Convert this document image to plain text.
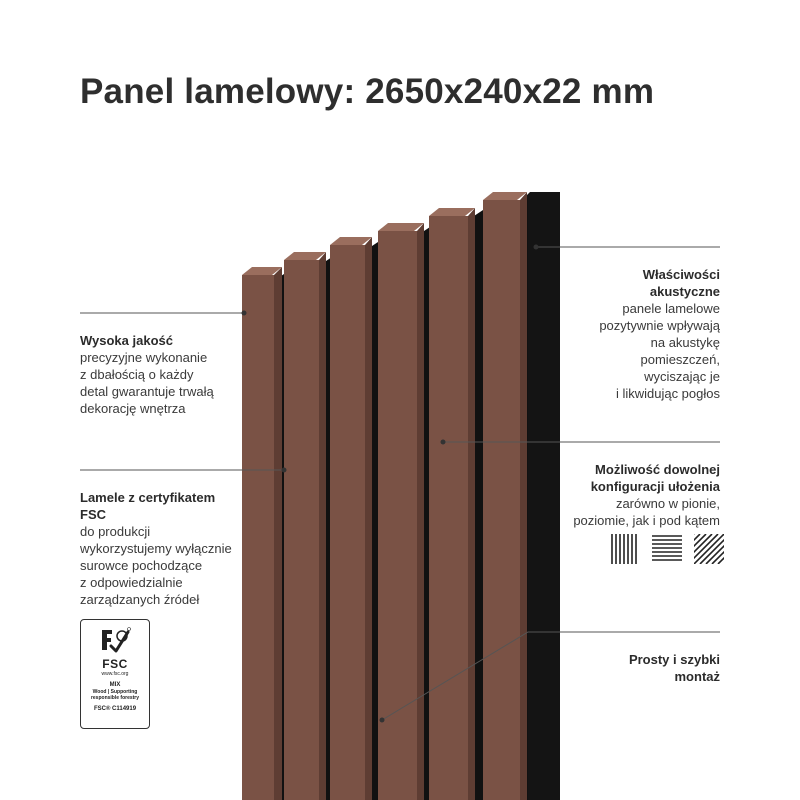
Panel lamelowy: 2650x240x22 mm
Wysoka jakość
precyzyjne wykonanie
z dbałością o każdy
detal gwarantuje trwałą
dekorację wnętrza
Lamele z certyfikatem
FSC
do produkcji
wykorzystujemy wyłącznie
surowce pochodzące
z odpowiedzialnie
zarządzanych źródeł
FSC
www.fsc.org
MIX
Wood | Supporting
responsible forestry
FSC® C114919
Właściwości
akustyczne
panele lamelowe
pozytywnie wpływają
na akustykę
pomieszczeń,
wyciszając je
i likwidując pogłos
Możliwość dowolnej
konfiguracji ułożenia
zarówno w pionie,
poziomie, jak i pod kątem
Prosty i szybki
montaż
